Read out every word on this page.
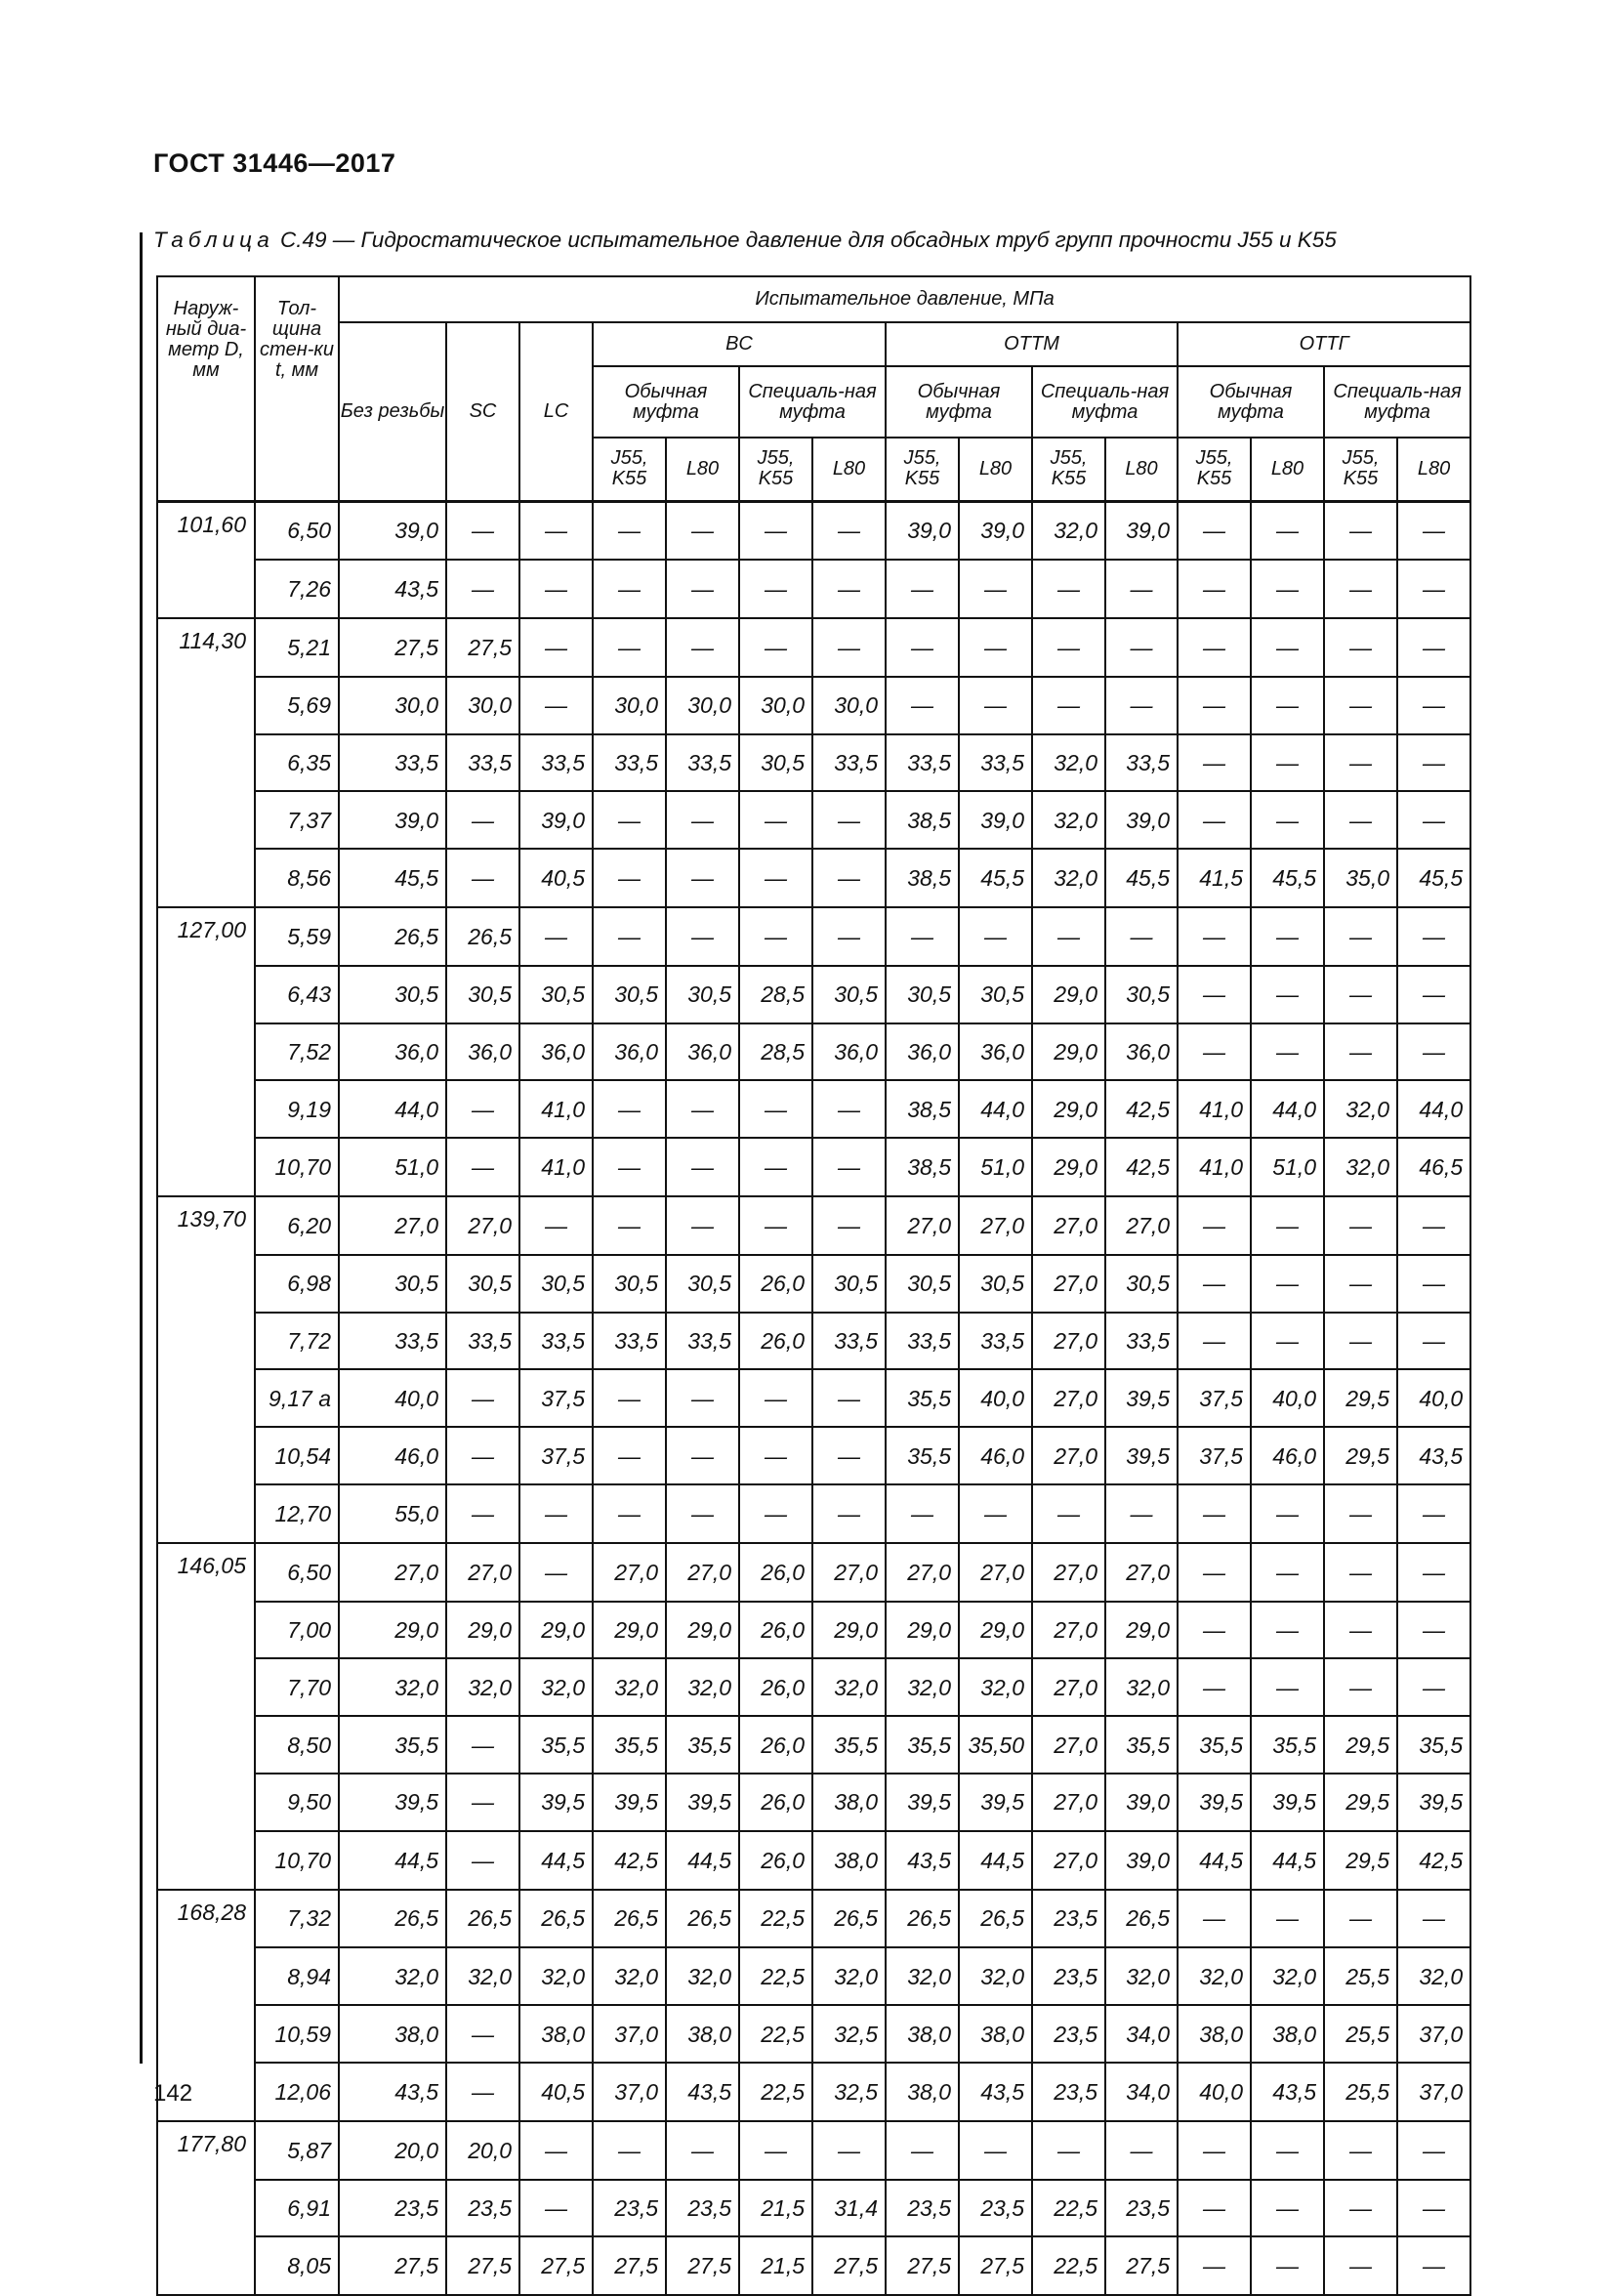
ГОСТ 31446—2017
Таблица С.49 — Гидростатическое испытательное давление для обсадных труб групп прочности J55 и K55
Наруж-ный диа-метр D, мм	Тол-щина стен-ки t, мм	Испытательное давление, МПа														
		Без резьбы	SC	LC	BC				ОТТМ				ОТТГ			
					Обычная муфта		Специаль-ная муфта		Обычная муфта		Специаль-ная муфта		Обычная муфта		Специаль-ная муфта	
					J55, K55	L80	J55, K55	L80	J55, K55	L80	J55, K55	L80	J55, K55	L80	J55, K55	L80
101,60	6,50	39,0	—	—	—	—	—	—	39,0	39,0	32,0	39,0	—	—	—	—
	7,26	43,5	—	—	—	—	—	—	—	—	—	—	—	—	—	—
114,30	5,21	27,5	27,5	—	—	—	—	—	—	—	—	—	—	—	—	—
	5,69	30,0	30,0	—	30,0	30,0	30,0	30,0	—	—	—	—	—	—	—	—
	6,35	33,5	33,5	33,5	33,5	33,5	30,5	33,5	33,5	33,5	32,0	33,5	—	—	—	—
	7,37	39,0	—	39,0	—	—	—	—	38,5	39,0	32,0	39,0	—	—	—	—
	8,56	45,5	—	40,5	—	—	—	—	38,5	45,5	32,0	45,5	41,5	45,5	35,0	45,5
127,00	5,59	26,5	26,5	—	—	—	—	—	—	—	—	—	—	—	—	—
	6,43	30,5	30,5	30,5	30,5	30,5	28,5	30,5	30,5	30,5	29,0	30,5	—	—	—	—
	7,52	36,0	36,0	36,0	36,0	36,0	28,5	36,0	36,0	36,0	29,0	36,0	—	—	—	—
	9,19	44,0	—	41,0	—	—	—	—	38,5	44,0	29,0	42,5	41,0	44,0	32,0	44,0
	10,70	51,0	—	41,0	—	—	—	—	38,5	51,0	29,0	42,5	41,0	51,0	32,0	46,5
139,70	6,20	27,0	27,0	—	—	—	—	—	27,0	27,0	27,0	27,0	—	—	—	—
	6,98	30,5	30,5	30,5	30,5	30,5	26,0	30,5	30,5	30,5	27,0	30,5	—	—	—	—
	7,72	33,5	33,5	33,5	33,5	33,5	26,0	33,5	33,5	33,5	27,0	33,5	—	—	—	—
	9,17 а	40,0	—	37,5	—	—	—	—	35,5	40,0	27,0	39,5	37,5	40,0	29,5	40,0
	10,54	46,0	—	37,5	—	—	—	—	35,5	46,0	27,0	39,5	37,5	46,0	29,5	43,5
	12,70	55,0	—	—	—	—	—	—	—	—	—	—	—	—	—	—
146,05	6,50	27,0	27,0	—	27,0	27,0	26,0	27,0	27,0	27,0	27,0	27,0	—	—	—	—
	7,00	29,0	29,0	29,0	29,0	29,0	26,0	29,0	29,0	29,0	27,0	29,0	—	—	—	—
	7,70	32,0	32,0	32,0	32,0	32,0	26,0	32,0	32,0	32,0	27,0	32,0	—	—	—	—
	8,50	35,5	—	35,5	35,5	35,5	26,0	35,5	35,5	35,50	27,0	35,5	35,5	35,5	29,5	35,5
	9,50	39,5	—	39,5	39,5	39,5	26,0	38,0	39,5	39,5	27,0	39,0	39,5	39,5	29,5	39,5
	10,70	44,5	—	44,5	42,5	44,5	26,0	38,0	43,5	44,5	27,0	39,0	44,5	44,5	29,5	42,5
168,28	7,32	26,5	26,5	26,5	26,5	26,5	22,5	26,5	26,5	26,5	23,5	26,5	—	—	—	—
	8,94	32,0	32,0	32,0	32,0	32,0	22,5	32,0	32,0	32,0	23,5	32,0	32,0	32,0	25,5	32,0
	10,59	38,0	—	38,0	37,0	38,0	22,5	32,5	38,0	38,0	23,5	34,0	38,0	38,0	25,5	37,0
	12,06	43,5	—	40,5	37,0	43,5	22,5	32,5	38,0	43,5	23,5	34,0	40,0	43,5	25,5	37,0
177,80	5,87	20,0	20,0	—	—	—	—	—	—	—	—	—	—	—	—	—
	6,91	23,5	23,5	—	23,5	23,5	21,5	31,4	23,5	23,5	22,5	23,5	—	—	—	—
	8,05	27,5	27,5	27,5	27,5	27,5	21,5	27,5	27,5	27,5	22,5	27,5	—	—	—	—
142
